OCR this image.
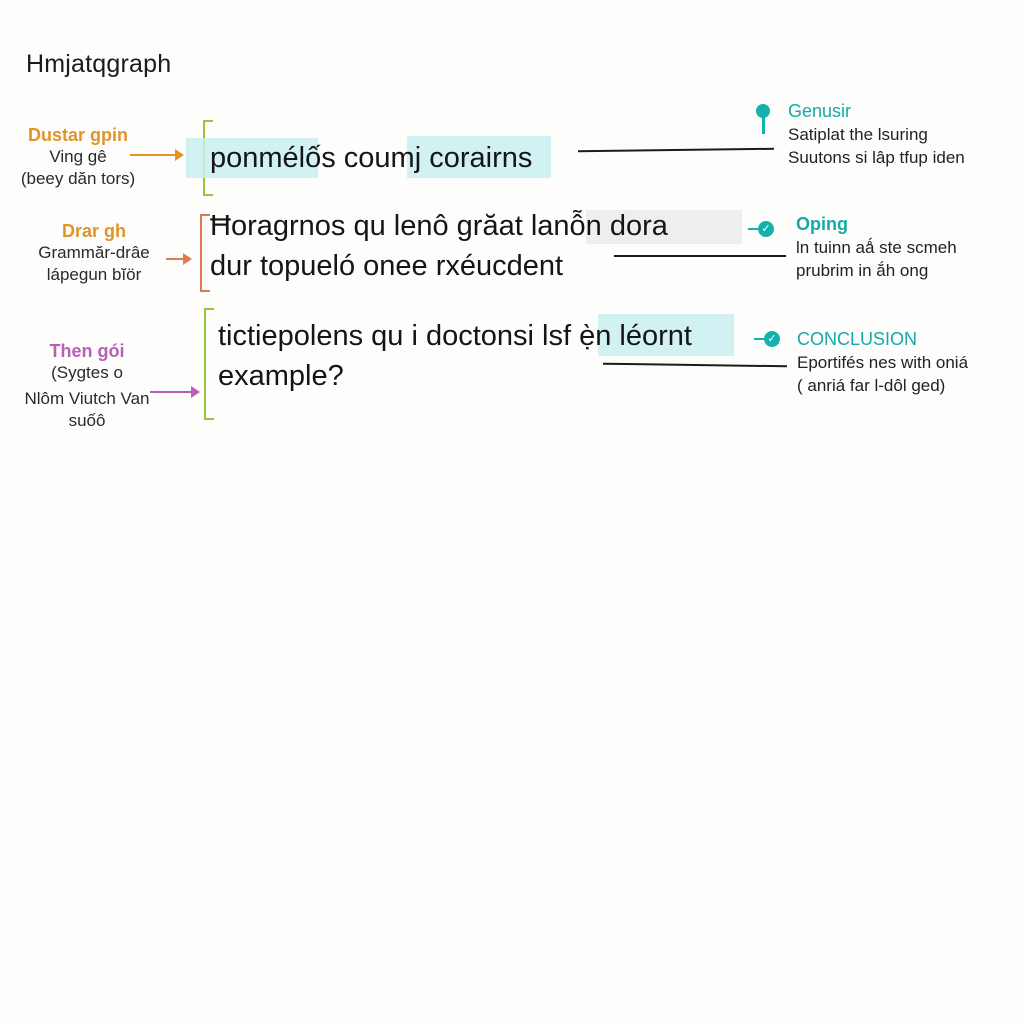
Hmjatqgraph
Dustar gpin
Ving gê
(beey dăn tors)
ponmélốs coumj corairns
Genusir
Satiplat the lsuring
Suutons si lâp tfup iden
Drar gh
Grammăr-drâe
lápegun bĭör
Ħoragrnos qu lenô grăat lanỗn dora
dur topueló onee rxéucdent
✓ Oping
ln tuinn aǻ ste scmeh
prubrim in ắh ong
Then gói
(Sygtes o
Nlôm Viutch Van
suốô
tictiepolens qu i doctonsi lsf ẹ̀n léornt
example?
✓ CONCLUSION
Eportifés nes with oniá
( anriá far l-dôl ged)
